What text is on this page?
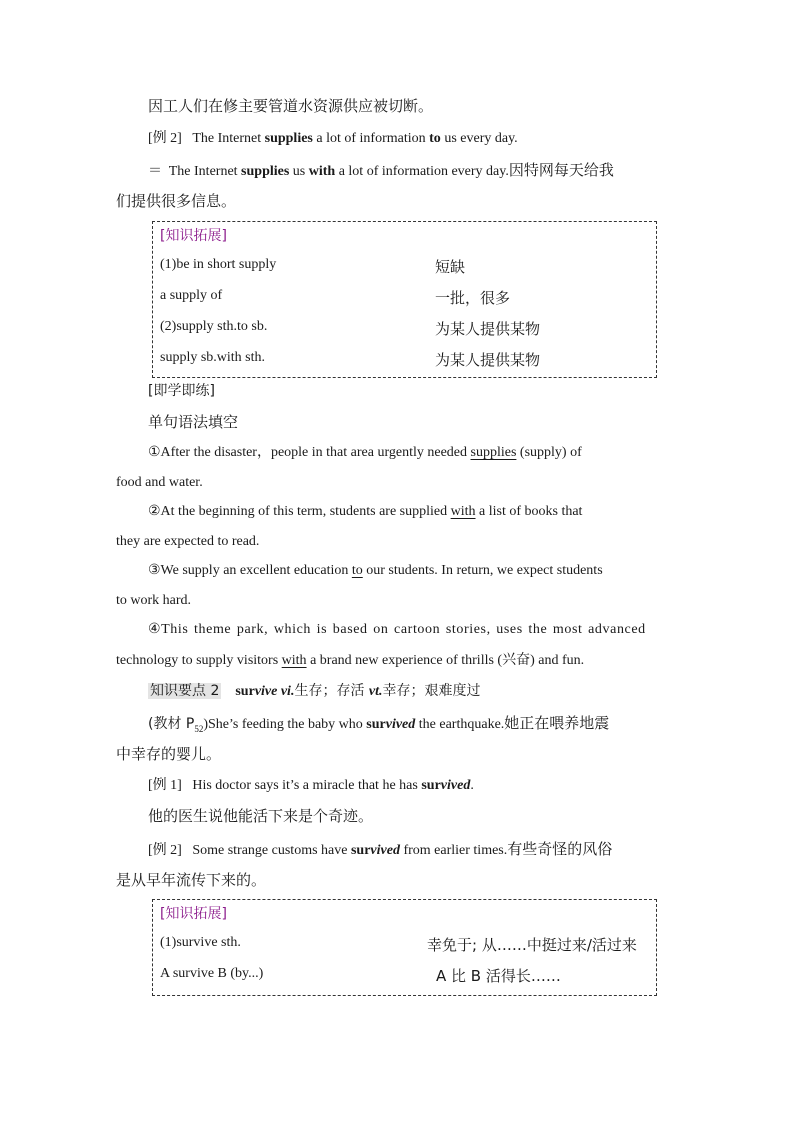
因工人们在修主要管道水资源供应被切断。
[例 2] The Internet supplies a lot of information to us every day.
＝ The Internet supplies us with a lot of information every day.因特网每天给我
们提供很多信息。
[知识拓展]
(1)be in short supply	短缺
a supply of	一批，很多
(2)supply sth.to sb.	为某人提供某物
supply sb.with sth.	为某人提供某物
[即学即练]
单句语法填空
①After the disaster，people in that area urgently needed supplies (supply) of
food and water.
②At the beginning of this term, students are supplied with a list of books that
they are expected to read.
③We supply an excellent education to our students. In return, we expect students
to work hard.
④This theme park, which is based on cartoon stories, uses the most advanced
technology to supply visitors with a brand new experience of thrills (兴奋) and fun.
知识要点 2 survive vi.生存；存活 vt.幸存；艰难度过
(教材 $P_{52})She’s$ feeding the baby who survived the earthquake.她正在喂养地震
中幸存的婴儿。
[例 1] His doctor says it’s a miracle that he has survived.
他的医生说他能活下来是个奇迹。
[例 2] Some strange customs have survived from earlier times.有些奇怪的风俗
是从早年流传下来的。
[知识拓展]
(1)survive sth.	幸免于; 从……中挺过来/活过来
A survive B (by...)	A 比 B 活得长……
